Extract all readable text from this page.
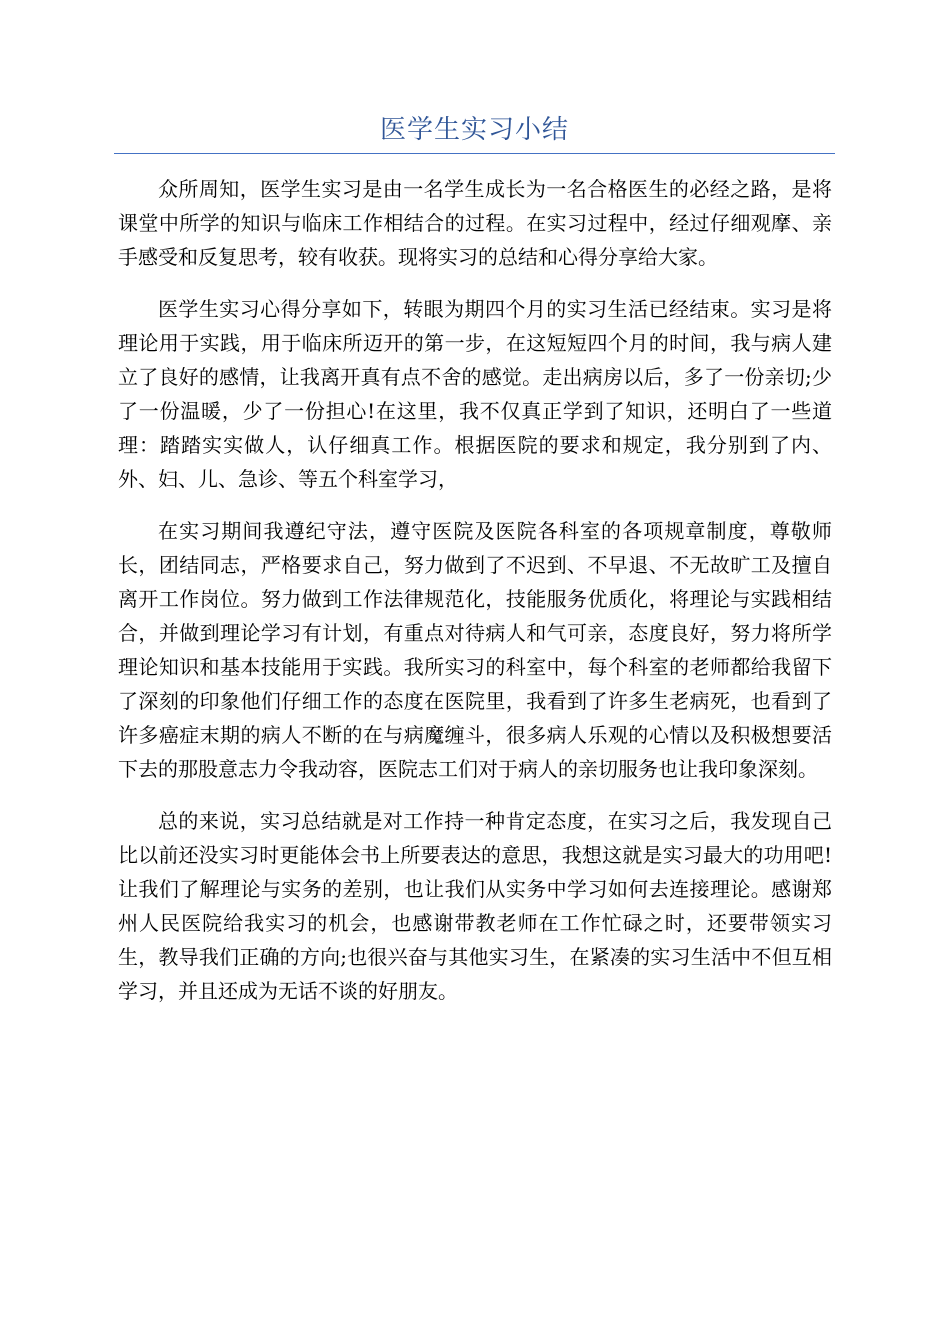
医学生实习小结

众所周知，医学生实习是由一名学生成长为一名合格医生的必经之路，是将课堂中所学的知识与临床工作相结合的过程。在实习过程中，经过仔细观摩、亲手感受和反复思考，较有收获。现将实习的总结和心得分享给大家。

医学生实习心得分享如下，转眼为期四个月的实习生活已经结束。实习是将理论用于实践，用于临床所迈开的第一步，在这短短四个月的时间，我与病人建立了良好的感情，让我离开真有点不舍的感觉。走出病房以后，多了一份亲切;少了一份温暖，少了一份担心!在这里，我不仅真正学到了知识，还明白了一些道理：踏踏实实做人，认仔细真工作。根据医院的要求和规定，我分别到了内、外、妇、儿、急诊、等五个科室学习，

在实习期间我遵纪守法，遵守医院及医院各科室的各项规章制度，尊敬师长，团结同志，严格要求自己，努力做到了不迟到、不早退、不无故旷工及擅自离开工作岗位。努力做到工作法律规范化，技能服务优质化，将理论与实践相结合，并做到理论学习有计划，有重点对待病人和气可亲，态度良好，努力将所学理论知识和基本技能用于实践。我所实习的科室中，每个科室的老师都给我留下了深刻的印象他们仔细工作的态度在医院里，我看到了许多生老病死，也看到了许多癌症末期的病人不断的在与病魔缠斗，很多病人乐观的心情以及积极想要活下去的那股意志力令我动容，医院志工们对于病人的亲切服务也让我印象深刻。

总的来说，实习总结就是对工作持一种肯定态度，在实习之后，我发现自己比以前还没实习时更能体会书上所要表达的意思，我想这就是实习最大的功用吧!让我们了解理论与实务的差别，也让我们从实务中学习如何去连接理论。感谢郑州人民医院给我实习的机会，也感谢带教老师在工作忙碌之时，还要带领实习生，教导我们正确的方向;也很兴奋与其他实习生，在紧凑的实习生活中不但互相学习，并且还成为无话不谈的好朋友。
